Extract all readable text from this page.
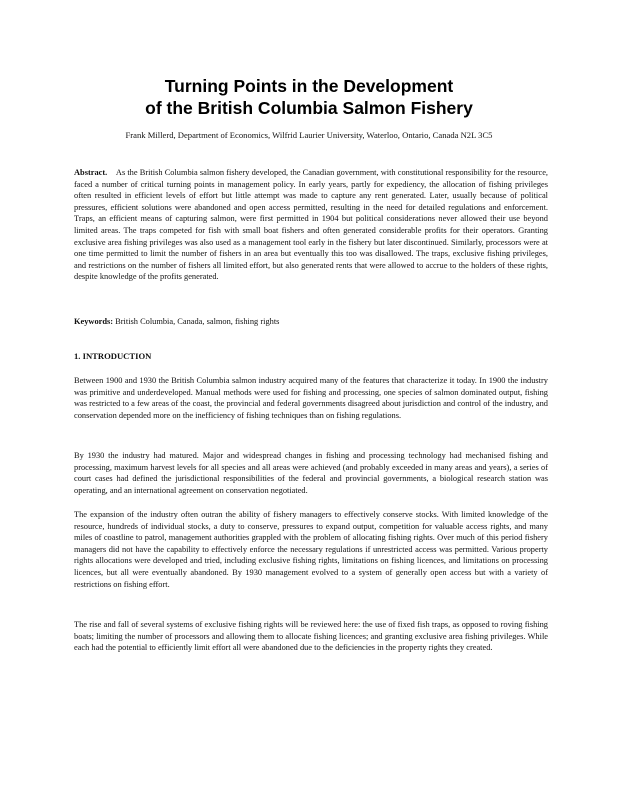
Turning Points in the Development
of the British Columbia Salmon Fishery
Frank Millerd, Department of Economics, Wilfrid Laurier University, Waterloo, Ontario, Canada N2L 3C5
Abstract. As the British Columbia salmon fishery developed, the Canadian government, with constitutional responsibility for the resource, faced a number of critical turning points in management policy. In early years, partly for expediency, the allocation of fishing privileges often resulted in efficient levels of effort but little attempt was made to capture any rent generated. Later, usually because of political pressures, efficient solutions were abandoned and open access permitted, resulting in the need for detailed regulations and enforcement. Traps, an efficient means of capturing salmon, were first permitted in 1904 but political considerations never allowed their use beyond limited areas. The traps competed for fish with small boat fishers and often generated considerable profits for their operators. Granting exclusive area fishing privileges was also used as a management tool early in the fishery but later discontinued. Similarly, processors were at one time permitted to limit the number of fishers in an area but eventually this too was disallowed. The traps, exclusive fishing privileges, and restrictions on the number of fishers all limited effort, but also generated rents that were allowed to accrue to the holders of these rights, despite knowledge of the profits generated.
Keywords: British Columbia, Canada, salmon, fishing rights
1. INTRODUCTION
Between 1900 and 1930 the British Columbia salmon industry acquired many of the features that characterize it today. In 1900 the industry was primitive and underdeveloped. Manual methods were used for fishing and processing, one species of salmon dominated output, fishing was restricted to a few areas of the coast, the provincial and federal governments disagreed about jurisdiction and control of the industry, and conservation depended more on the inefficiency of fishing techniques than on fishing regulations.
By 1930 the industry had matured. Major and widespread changes in fishing and processing technology had mechanised fishing and processing, maximum harvest levels for all species and all areas were achieved (and probably exceeded in many areas and years), a series of court cases had defined the jurisdictional responsibilities of the federal and provincial governments, a biological research station was operating, and an international agreement on conservation negotiated.
The expansion of the industry often outran the ability of fishery managers to effectively conserve stocks. With limited knowledge of the resource, hundreds of individual stocks, a duty to conserve, pressures to expand output, competition for valuable access rights, and many miles of coastline to patrol, management authorities grappled with the problem of allocating fishing rights. Over much of this period fishery managers did not have the capability to effectively enforce the necessary regulations if unrestricted access was permitted. Various property rights allocations were developed and tried, including exclusive fishing rights, limitations on fishing licences, and limitations on processing licences, but all were eventually abandoned. By 1930 management evolved to a system of generally open access but with a variety of restrictions on fishing effort.
The rise and fall of several systems of exclusive fishing rights will be reviewed here: the use of fixed fish traps, as opposed to roving fishing boats; limiting the number of processors and allowing them to allocate fishing licences; and granting exclusive area fishing privileges. While each had the potential to efficiently limit effort all were abandoned due to the deficiencies in the property rights they created.
